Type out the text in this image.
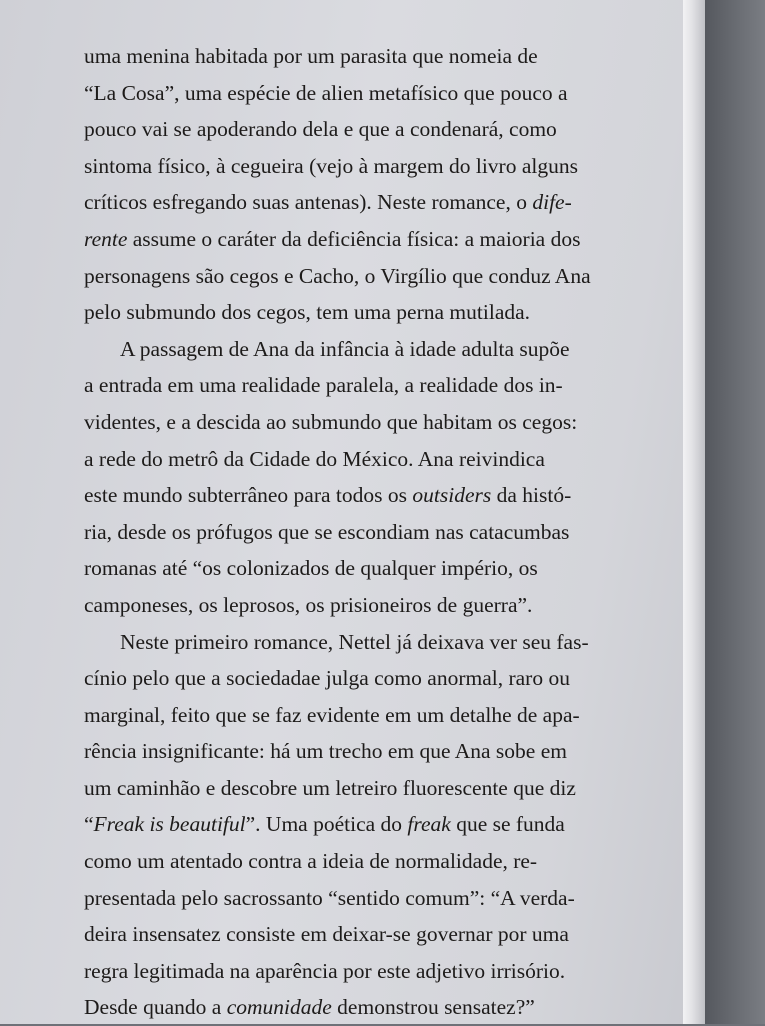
uma menina habitada por um parasita que nomeia de
“La Cosa”, uma espécie de alien metafísico que pouco a
pouco vai se apoderando dela e que a condenará, como
sintoma físico, à cegueira (vejo à margem do livro alguns
críticos esfregando suas antenas). Neste romance, o dife-
rente assume o caráter da deficiência física: a maioria dos
personagens são cegos e Cacho, o Virgílio que conduz Ana
pelo submundo dos cegos, tem uma perna mutilada.
A passagem de Ana da infância à idade adulta supõe
a entrada em uma realidade paralela, a realidade dos in-
videntes, e a descida ao submundo que habitam os cegos:
a rede do metrô da Cidade do México. Ana reivindica
este mundo subterrâneo para todos os outsiders da histó-
ria, desde os prófugos que se escondiam nas catacumbas
romanas até “os colonizados de qualquer império, os
camponeses, os leprosos, os prisioneiros de guerra”.
Neste primeiro romance, Nettel já deixava ver seu fas-
cínio pelo que a sociedadae julga como anormal, raro ou
marginal, feito que se faz evidente em um detalhe de apa-
rência insignificante: há um trecho em que Ana sobe em
um caminhão e descobre um letreiro fluorescente que diz
“Freak is beautiful”. Uma poética do freak que se funda
como um atentado contra a ideia de normalidade, re-
presentada pelo sacrossanto “sentido comum”: “A verda-
deira insensatez consiste em deixar-se governar por uma
regra legitimada na aparência por este adjetivo irrisório.
Desde quando a comunidade demonstrou sensatez?”
